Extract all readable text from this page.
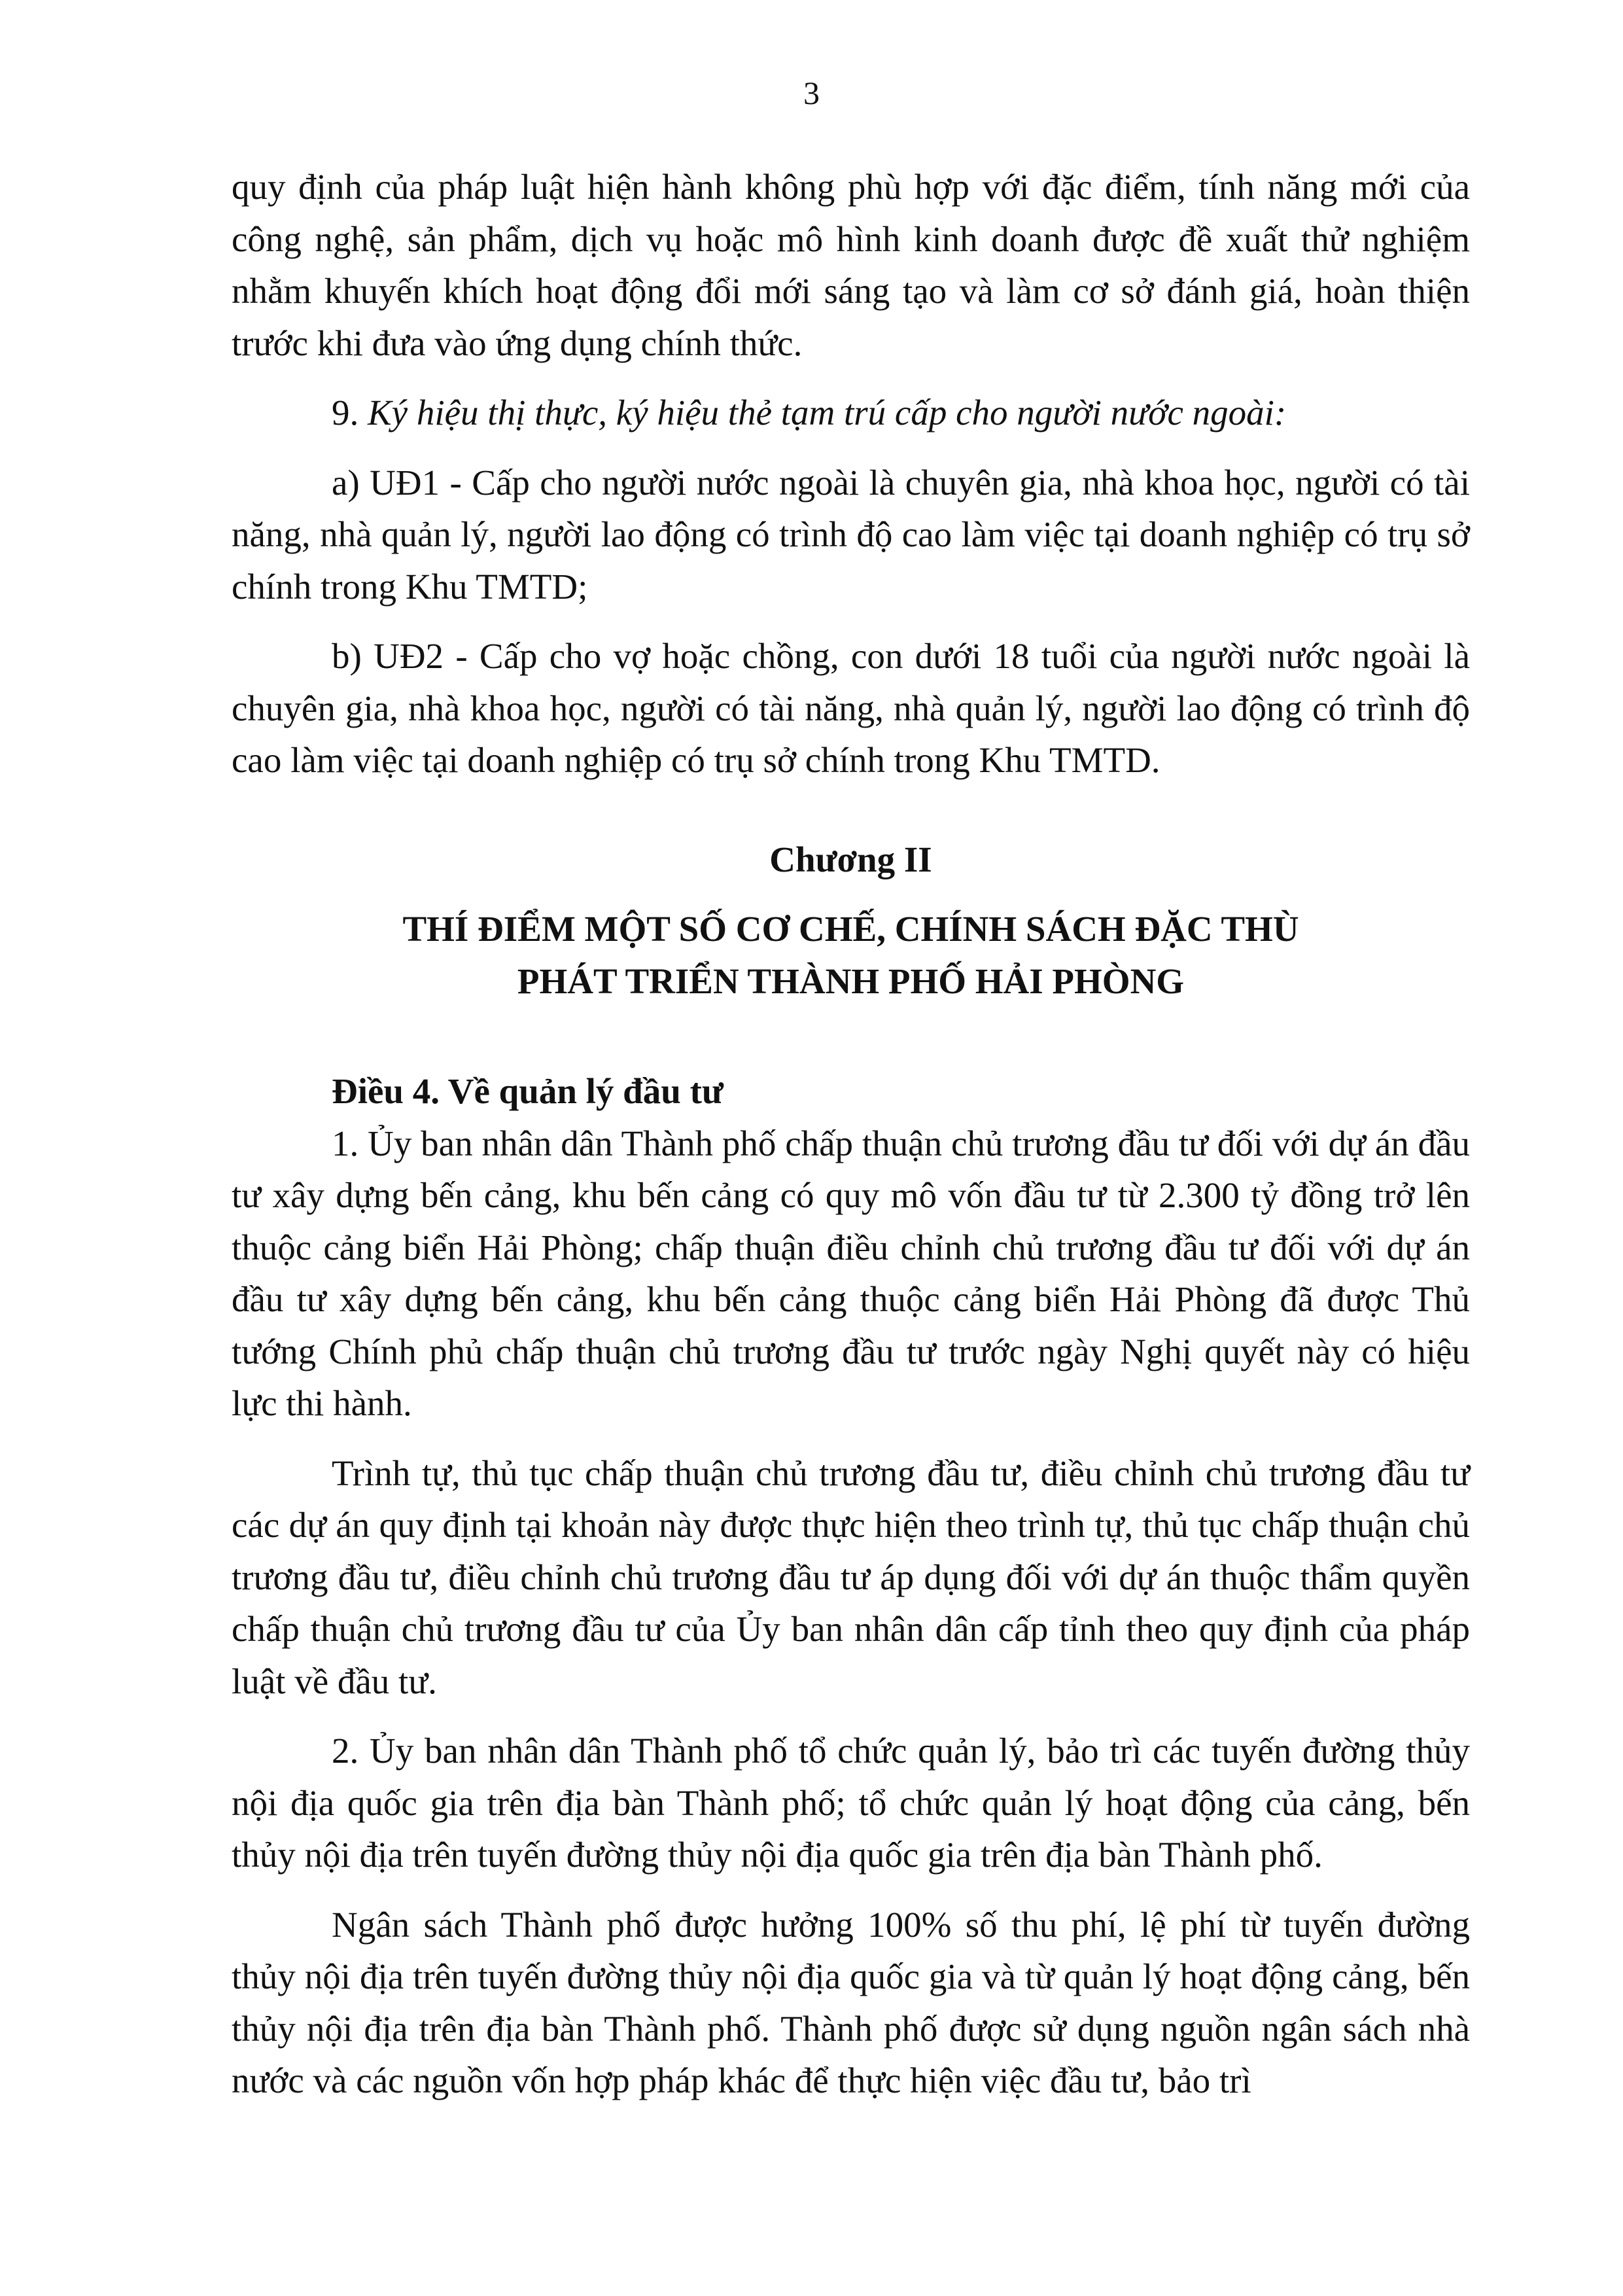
3

quy định của pháp luật hiện hành không phù hợp với đặc điểm, tính năng mới của công nghệ, sản phẩm, dịch vụ hoặc mô hình kinh doanh được đề xuất thử nghiệm nhằm khuyến khích hoạt động đổi mới sáng tạo và làm cơ sở đánh giá, hoàn thiện trước khi đưa vào ứng dụng chính thức.

9. Ký hiệu thị thực, ký hiệu thẻ tạm trú cấp cho người nước ngoài:

a) UĐ1 - Cấp cho người nước ngoài là chuyên gia, nhà khoa học, người có tài năng, nhà quản lý, người lao động có trình độ cao làm việc tại doanh nghiệp có trụ sở chính trong Khu TMTD;

b) UĐ2 - Cấp cho vợ hoặc chồng, con dưới 18 tuổi của người nước ngoài là chuyên gia, nhà khoa học, người có tài năng, nhà quản lý, người lao động có trình độ cao làm việc tại doanh nghiệp có trụ sở chính trong Khu TMTD.

Chương II

THÍ ĐIỂM MỘT SỐ CƠ CHẾ, CHÍNH SÁCH ĐẶC THÙ

PHÁT TRIỂN THÀNH PHỐ HẢI PHÒNG

Điều 4. Về quản lý đầu tư

1. Ủy ban nhân dân Thành phố chấp thuận chủ trương đầu tư đối với dự án đầu tư xây dựng bến cảng, khu bến cảng có quy mô vốn đầu tư từ 2.300 tỷ đồng trở lên thuộc cảng biển Hải Phòng; chấp thuận điều chỉnh chủ trương đầu tư đối với dự án đầu tư xây dựng bến cảng, khu bến cảng thuộc cảng biển Hải Phòng đã được Thủ tướng Chính phủ chấp thuận chủ trương đầu tư trước ngày Nghị quyết này có hiệu lực thi hành.

Trình tự, thủ tục chấp thuận chủ trương đầu tư, điều chỉnh chủ trương đầu tư các dự án quy định tại khoản này được thực hiện theo trình tự, thủ tục chấp thuận chủ trương đầu tư, điều chỉnh chủ trương đầu tư áp dụng đối với dự án thuộc thẩm quyền chấp thuận chủ trương đầu tư của Ủy ban nhân dân cấp tỉnh theo quy định của pháp luật về đầu tư.

2. Ủy ban nhân dân Thành phố tổ chức quản lý, bảo trì các tuyến đường thủy nội địa quốc gia trên địa bàn Thành phố; tổ chức quản lý hoạt động của cảng, bến thủy nội địa trên tuyến đường thủy nội địa quốc gia trên địa bàn Thành phố.

Ngân sách Thành phố được hưởng 100% số thu phí, lệ phí từ tuyến đường thủy nội địa trên tuyến đường thủy nội địa quốc gia và từ quản lý hoạt động cảng, bến thủy nội địa trên địa bàn Thành phố. Thành phố được sử dụng nguồn ngân sách nhà nước và các nguồn vốn hợp pháp khác để thực hiện việc đầu tư, bảo trì
